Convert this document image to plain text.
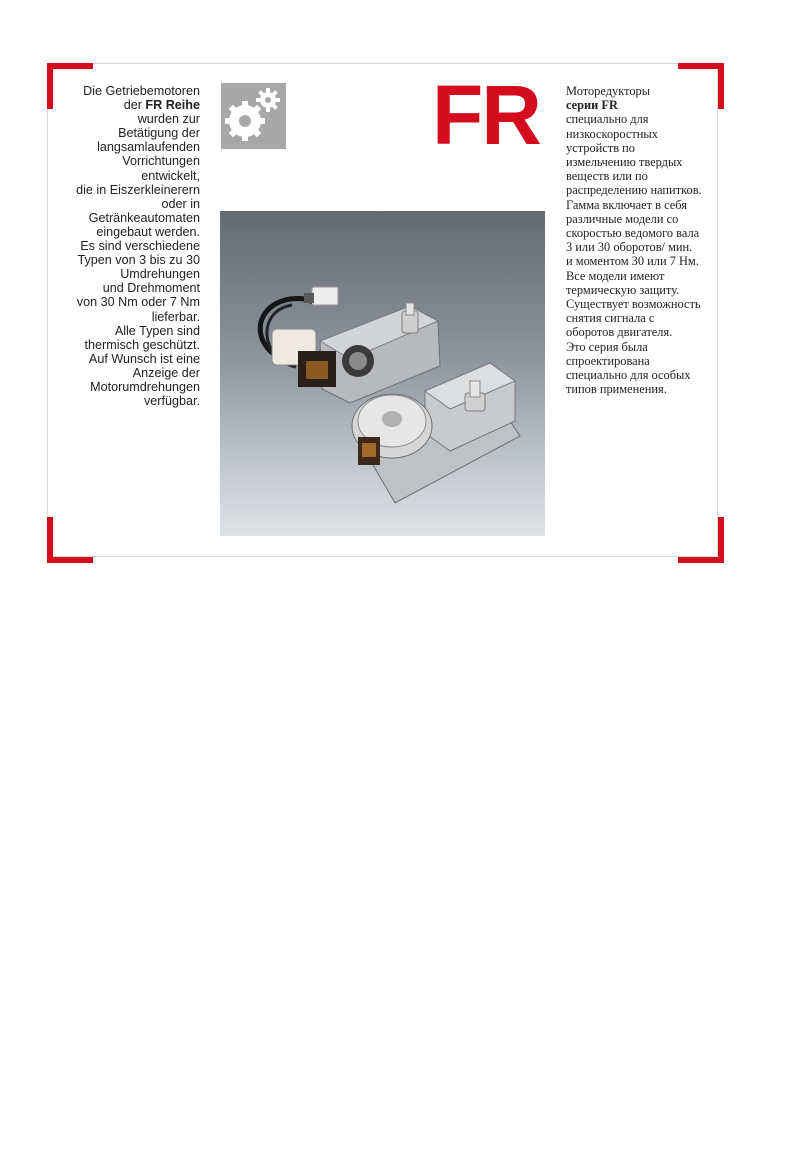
Die Getriebemotoren
der FR Reihe
wurden zur
Betätigung der
langsamlaufenden
Vorrichtungen
entwickelt,
die in Eiszerkleinerern
oder in
Getränkeautomaten
eingebaut werden.
Es sind verschiedene
Typen von 3 bis zu 30
Umdrehungen
und Drehmoment
von 30 Nm oder 7 Nm
lieferbar.
Alle Typen sind
thermisch geschützt.
Auf Wunsch ist eine
Anzeige der
Motorumdrehungen
verfügbar.
FR	Моторедукторы
серии FR
специально для
низкоскоростных
устройств по
измельчению твердых
веществ или по
распределению напитков.
Гамма включает в себя
различные модели со
скоростью ведомого вала
3 или 30 оборотов/ мин.
и моментом 30 или 7 Нм.
Все модели имеют
термическую защиту.
Существует возможность
снятия сигнала с
оборотов двигателя.
Это серия была
спроектирована
специально для особых
типов применения.
